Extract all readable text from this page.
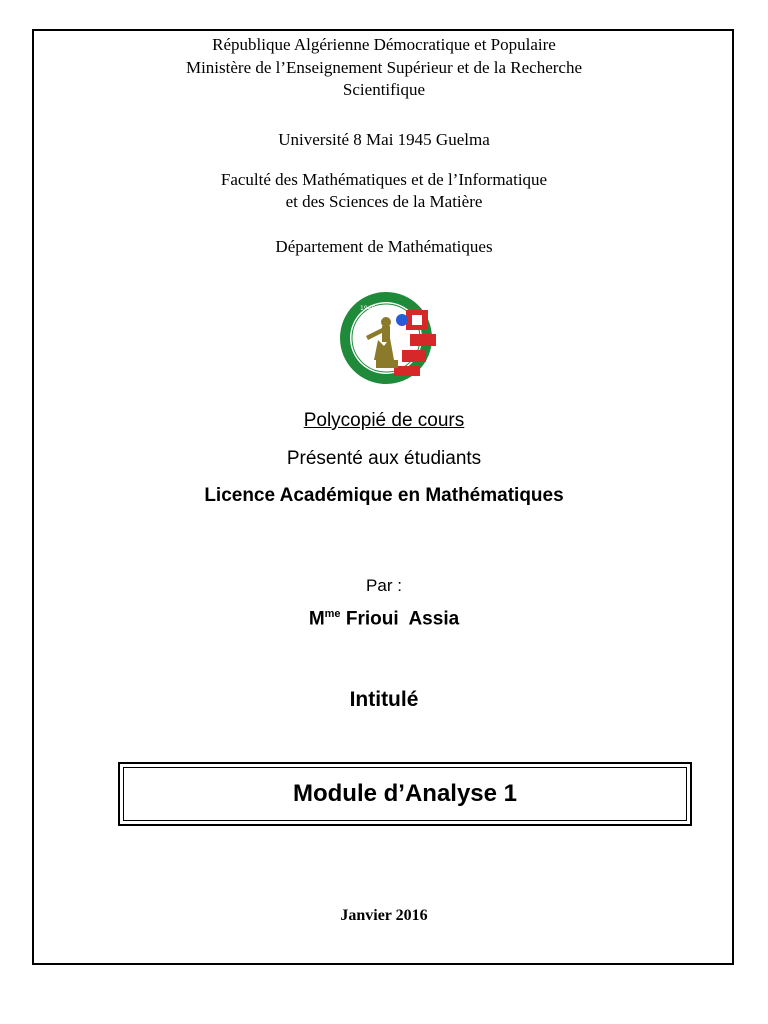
République Algérienne Démocratique et Populaire
Ministère de l’Enseignement Supérieur et de la Recherche
Scientifique
Université 8 Mai 1945 Guelma
Faculté des Mathématiques et de l’Informatique
et des Sciences de la Matière
Département de Mathématiques
1945
Polycopié de cours
Présenté aux étudiants
Licence Académique en Mathématiques
Par :
$M^{me}$ Frioui  Assia
Intitulé
Module d’Analyse 1
Janvier 2016
